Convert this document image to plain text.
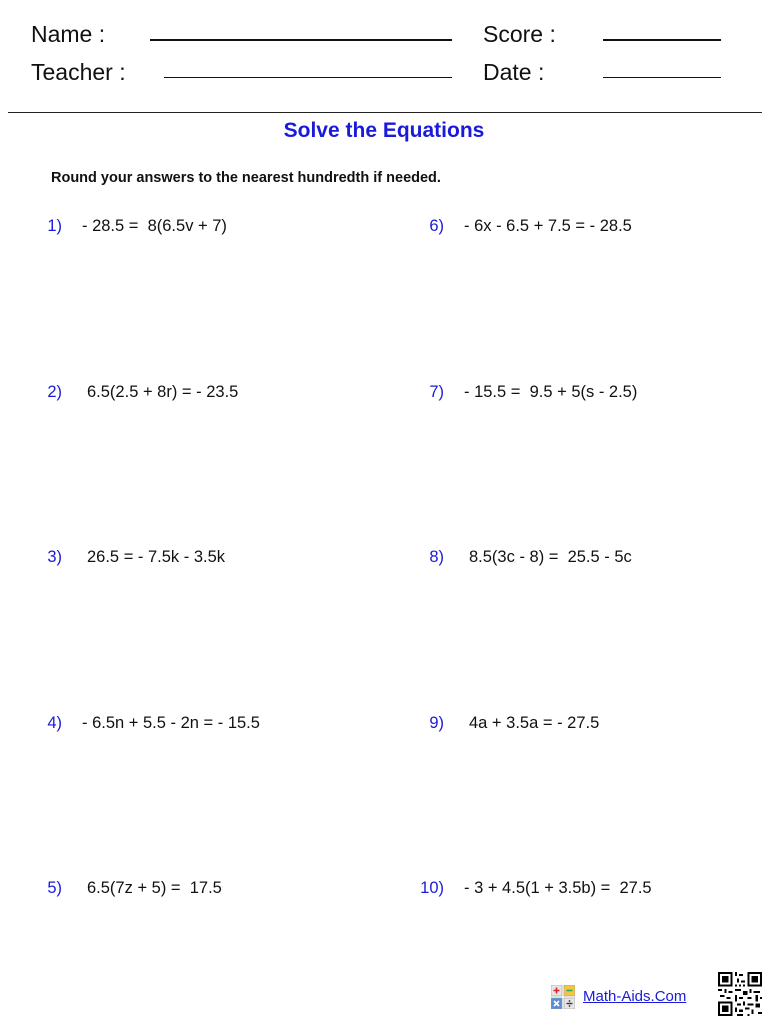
Name :	Score :
Teacher :	Date :
Solve the Equations
Round your answers to the nearest hundredth if needed.
1) - 28.5 =  8(6.5v + 7)
2) 6.5(2.5 + 8r) = - 23.5
3) 26.5 = - 7.5k - 3.5k
4) - 6.5n + 5.5 - 2n = - 15.5
5) 6.5(7z + 5) =  17.5
6) - 6x - 6.5 + 7.5 = - 28.5
7) - 15.5 =  9.5 + 5(s - 2.5)
8) 8.5(3c - 8) =  25.5 - 5c
9) 4a + 3.5a = - 27.5
10) - 3 + 4.5(1 + 3.5b) =  27.5
Math-Aids.Com
